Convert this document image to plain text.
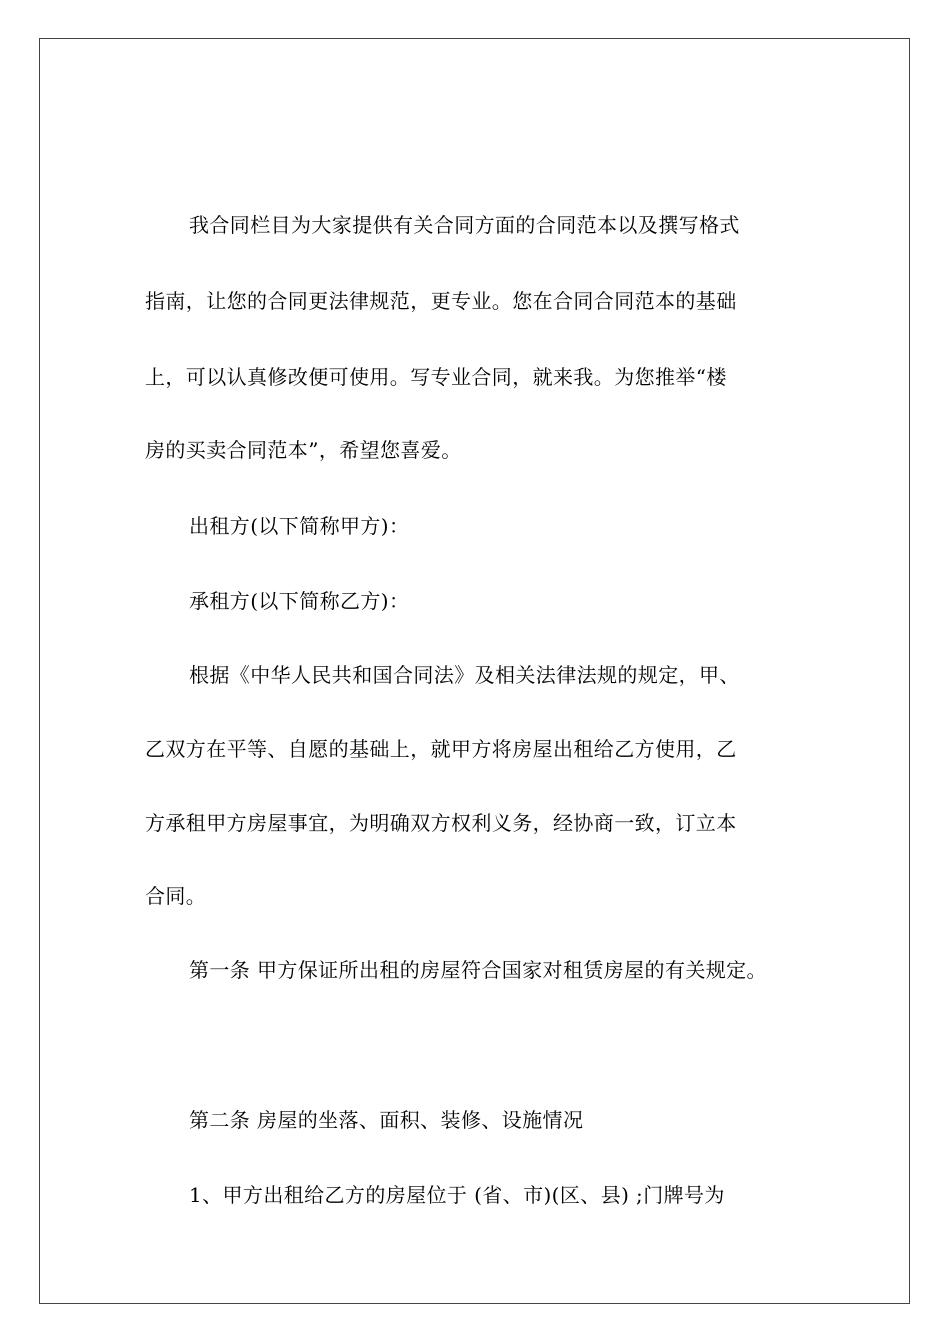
我合同栏目为大家提供有关合同方面的合同范本以及撰写格式
指南，让您的合同更法律规范，更专业。您在合同合同范本的基础
上，可以认真修改便可使用。写专业合同，就来我。为您推举“楼
房的买卖合同范本”，希望您喜爱。
出租方(以下简称甲方)：
承租方(以下简称乙方)：
根据《中华人民共和国合同法》及相关法律法规的规定，甲、
乙双方在平等、自愿的基础上，就甲方将房屋出租给乙方使用，乙
方承租甲方房屋事宜，为明确双方权利义务，经协商一致，订立本
合同。
第一条 甲方保证所出租的房屋符合国家对租赁房屋的有关规定。
第二条 房屋的坐落、面积、装修、设施情况
1、甲方出租给乙方的房屋位于 (省、市)(区、县) ;门牌号为
